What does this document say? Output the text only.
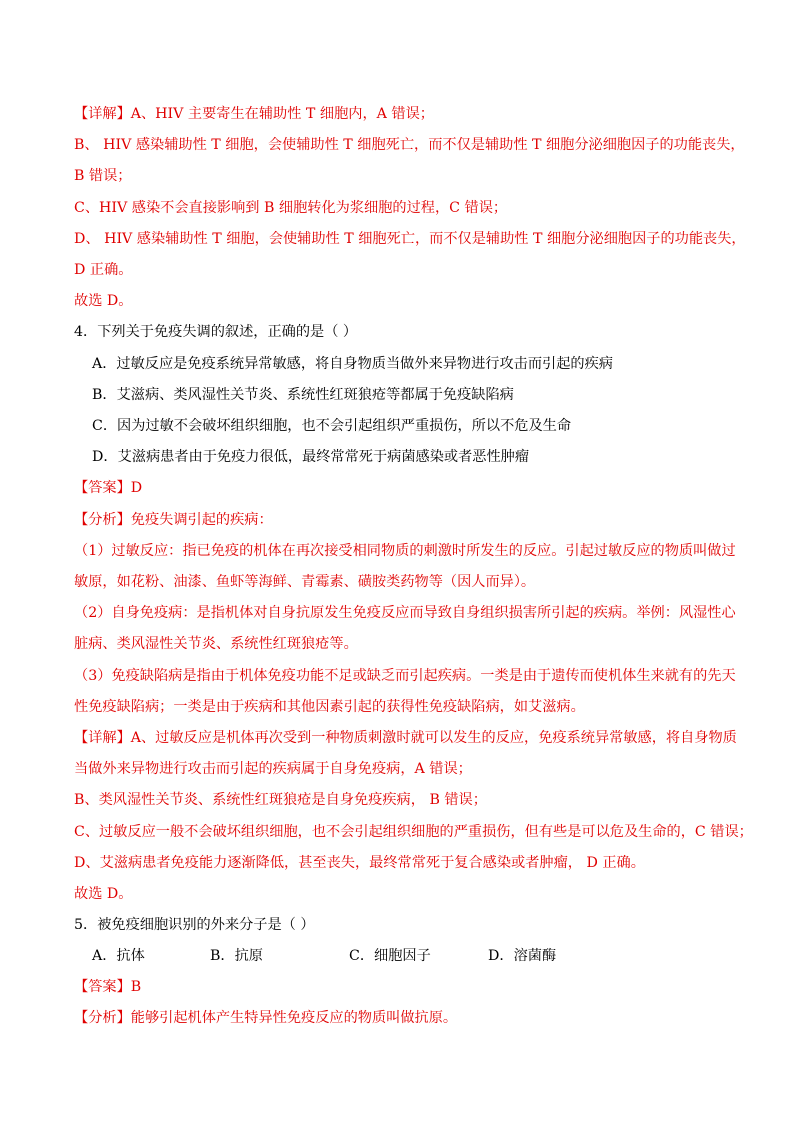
【详解】A、HIV 主要寄生在辅助性 T 细胞内，A 错误；
B、 HIV 感染辅助性 T 细胞，会使辅助性 T 细胞死亡，而不仅是辅助性 T 细胞分泌细胞因子的功能丧失，
B 错误；
C、HIV 感染不会直接影响到 B 细胞转化为浆细胞的过程，C 错误；
D、 HIV 感染辅助性 T 细胞，会使辅助性 T 细胞死亡，而不仅是辅助性 T 细胞分泌细胞因子的功能丧失，
D 正确。
故选 D。
4．下列关于免疫失调的叙述，正确的是（ ）
A．过敏反应是免疫系统异常敏感，将自身物质当做外来异物进行攻击而引起的疾病
B．艾滋病、类风湿性关节炎、系统性红斑狼疮等都属于免疫缺陷病
C．因为过敏不会破坏组织细胞，也不会引起组织严重损伤，所以不危及生命
D．艾滋病患者由于免疫力很低，最终常常死于病菌感染或者恶性肿瘤
【答案】D
【分析】免疫失调引起的疾病：
（1）过敏反应：指已免疫的机体在再次接受相同物质的刺激时所发生的反应。引起过敏反应的物质叫做过
敏原，如花粉、油漆、鱼虾等海鲜、青霉素、磺胺类药物等（因人而异）。
（2）自身免疫病：是指机体对自身抗原发生免疫反应而导致自身组织损害所引起的疾病。举例：风湿性心
脏病、类风湿性关节炎、系统性红斑狼疮等。
（3）免疫缺陷病是指由于机体免疫功能不足或缺乏而引起疾病。一类是由于遗传而使机体生来就有的先天
性免疫缺陷病；一类是由于疾病和其他因素引起的获得性免疫缺陷病，如艾滋病。
【详解】A、过敏反应是机体再次受到一种物质刺激时就可以发生的反应，免疫系统异常敏感，将自身物质
当做外来异物进行攻击而引起的疾病属于自身免疫病，A 错误；
B、类风湿性关节炎、系统性红斑狼疮是自身免疫疾病， B 错误；
C、过敏反应一般不会破坏组织细胞，也不会引起组织细胞的严重损伤，但有些是可以危及生命的，C 错误；
D、艾滋病患者免疫能力逐渐降低，甚至丧失，最终常常死于复合感染或者肿瘤， D 正确。
故选 D。
5．被免疫细胞识别的外来分子是（ ）
A．抗体	B．抗原	C．细胞因子	D．溶菌酶
【答案】B
【分析】能够引起机体产生特异性免疫反应的物质叫做抗原。
